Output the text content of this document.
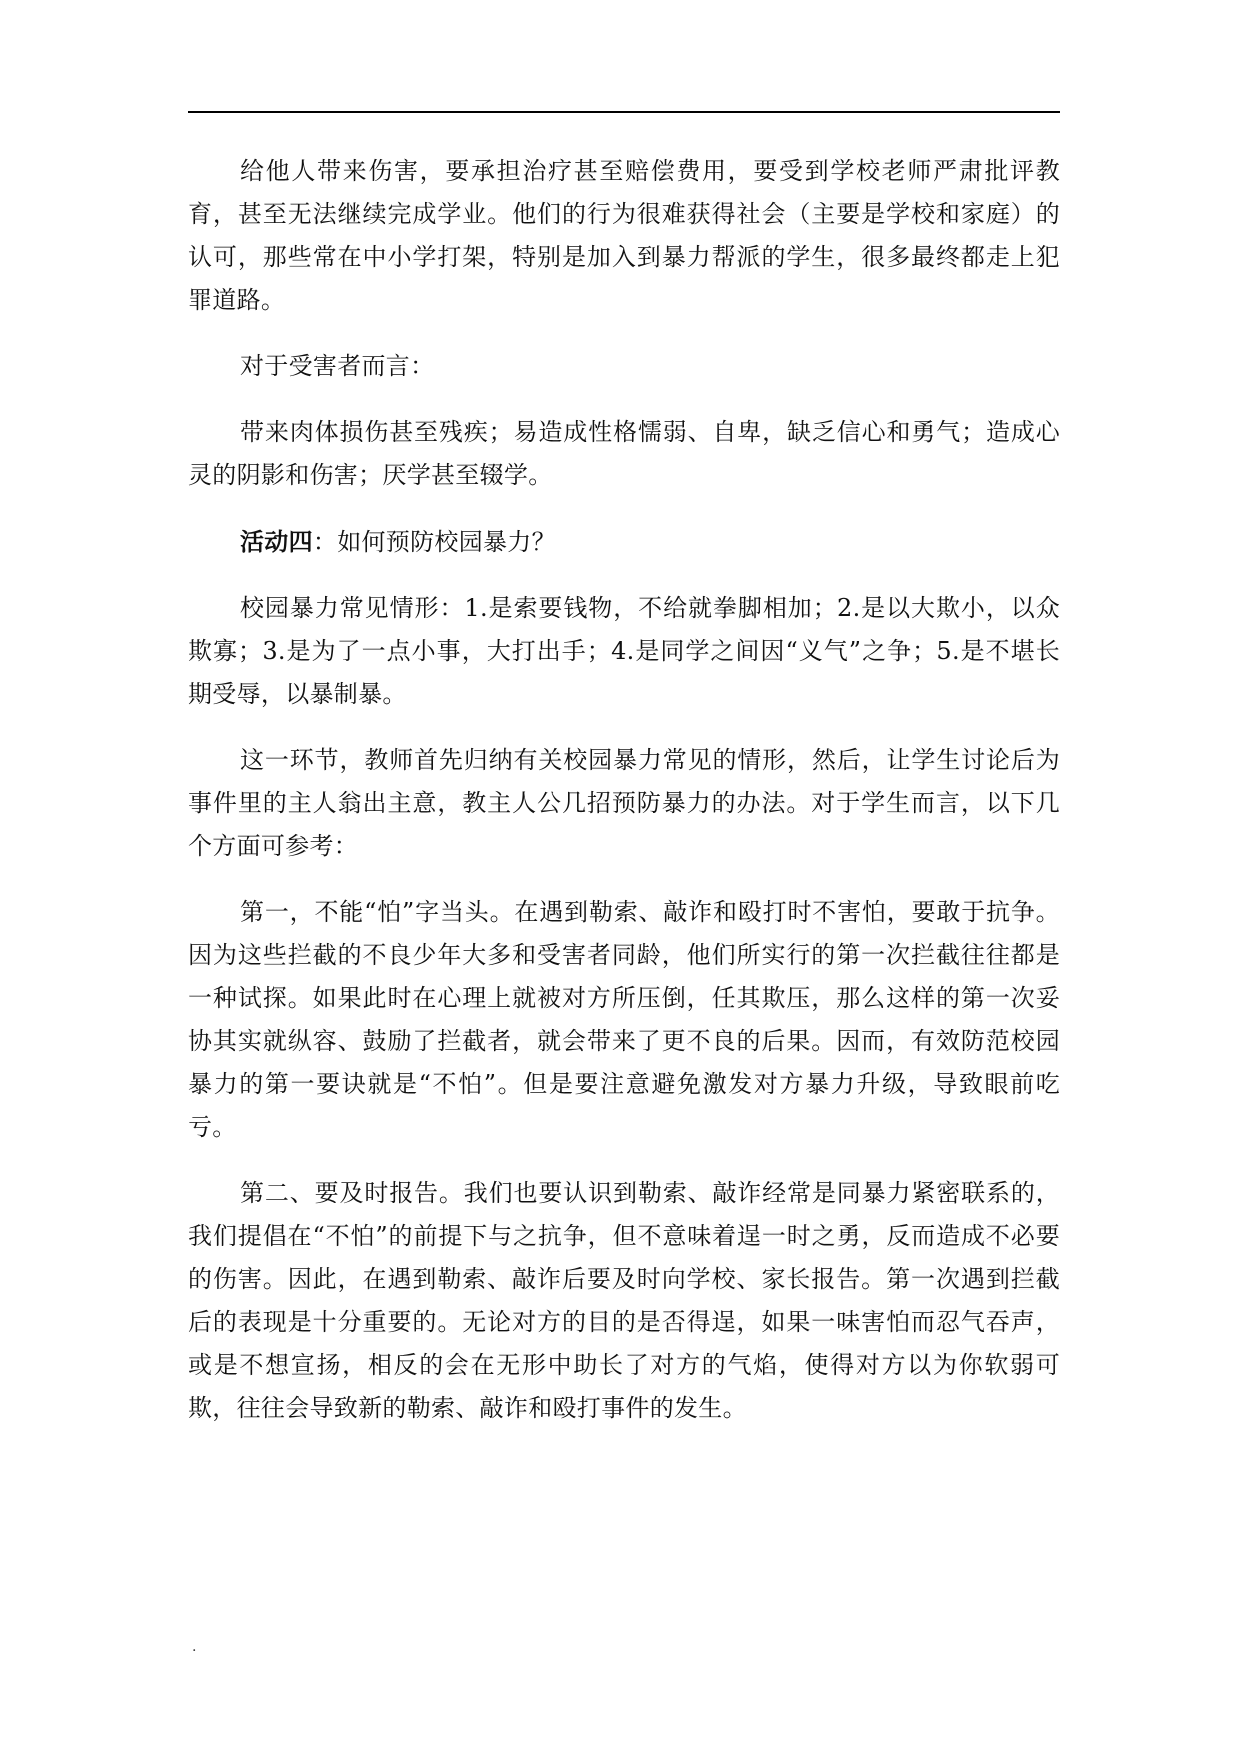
给他人带来伤害，要承担治疗甚至赔偿费用，要受到学校老师严肃批评教育，甚至无法继续完成学业。他们的行为很难获得社会（主要是学校和家庭）的认可，那些常在中小学打架，特别是加入到暴力帮派的学生，很多最终都走上犯罪道路。

对于受害者而言：

带来肉体损伤甚至残疾；易造成性格懦弱、自卑，缺乏信心和勇气；造成心灵的阴影和伤害；厌学甚至辍学。

活动四：如何预防校园暴力？

校园暴力常见情形：1.是索要钱物，不给就拳脚相加；2.是以大欺小，以众欺寡；3.是为了一点小事，大打出手；4.是同学之间因“义气”之争；5.是不堪长期受辱，以暴制暴。

这一环节，教师首先归纳有关校园暴力常见的情形，然后，让学生讨论后为事件里的主人翁出主意，教主人公几招预防暴力的办法。对于学生而言，以下几个方面可参考：

第一，不能“怕”字当头。在遇到勒索、敲诈和殴打时不害怕，要敢于抗争。因为这些拦截的不良少年大多和受害者同龄，他们所实行的第一次拦截往往都是一种试探。如果此时在心理上就被对方所压倒，任其欺压，那么这样的第一次妥协其实就纵容、鼓励了拦截者，就会带来了更不良的后果。因而，有效防范校园暴力的第一要诀就是“不怕”。但是要注意避免激发对方暴力升级，导致眼前吃亏。

第二、要及时报告。我们也要认识到勒索、敲诈经常是同暴力紧密联系的，我们提倡在“不怕”的前提下与之抗争，但不意味着逞一时之勇，反而造成不必要的伤害。因此，在遇到勒索、敲诈后要及时向学校、家长报告。第一次遇到拦截后的表现是十分重要的。无论对方的目的是否得逞，如果一味害怕而忍气吞声，或是不想宣扬，相反的会在无形中助长了对方的气焰，使得对方以为你软弱可欺，往往会导致新的勒索、敲诈和殴打事件的发生。

.
